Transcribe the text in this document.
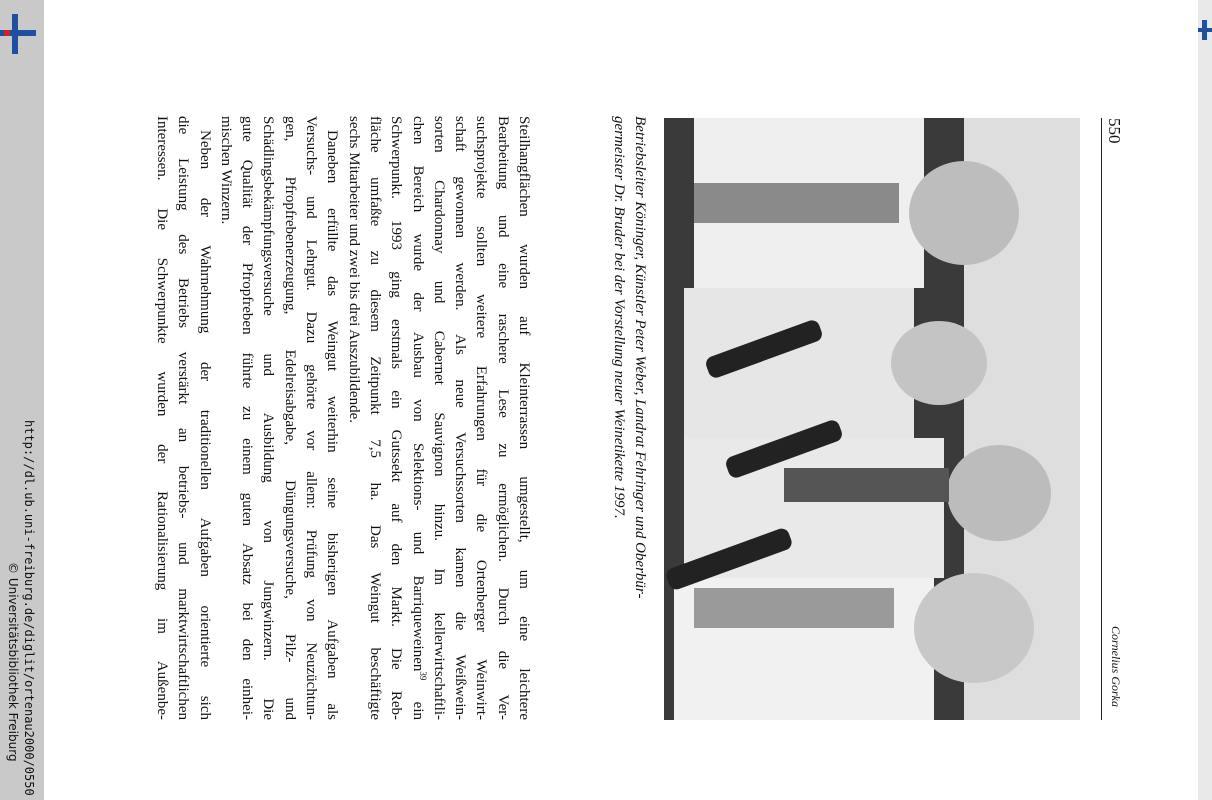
550
Cornelius Gorka
Betriebsleiter Köninger, Künstler Peter Weber, Landrat Fehringer und Oberbür-
germeister Dr. Bruder bei der Vorstellung neuer Weinetikette 1997.
Steilhangflächen wurden auf Kleinterrassen umgestellt, um eine leichtere
Bearbeitung und eine raschere Lese zu ermöglichen. Durch die Ver-
suchsprojekte sollten weitere Erfahrungen für die Ortenberger Weinwirt-
schaft gewonnen werden. Als neue Versuchssorten kamen die Weißwein-
sorten Chardonnay und Cabernet Sauvignon hinzu. Im kellerwirtschaftli-
chen Bereich wurde der Ausbau von Selektions- und Barriqueweinen$^{39}$ ein
Schwerpunkt. 1993 ging erstmals ein Gutssekt auf den Markt. Die Reb-
fläche umfaßte zu diesem Zeitpunkt 7,5 ha. Das Weingut beschäftigte
sechs Mitarbeiter und zwei bis drei Auszubildende.
Daneben erfüllte das Weingut weiterhin seine bisherigen Aufgaben als
Versuchs- und Lehrgut. Dazu gehörte vor allem: Prüfung von Neuzüchtun-
gen, Pfropfrebenerzeugung, Edelreisabgabe, Düngungsversuche, Pilz- und
Schädlingsbekämpfungsversuche und Ausbildung von Jungwinzern. Die
gute Qualität der Pfropfreben führte zu einem guten Absatz bei den einhei-
mischen Winzern.
Neben der Wahrnehmung der traditionellen Aufgaben orientierte sich
die Leistung des Betriebs verstärkt an betriebs- und marktwirtschaftlichen
Interessen. Die Schwerpunkte wurden der Rationalisierung im Außenbe-
http://dl.ub.uni-freiburg.de/diglit/ortenau2000/0550
© Universitätsbibliothek Freiburg
